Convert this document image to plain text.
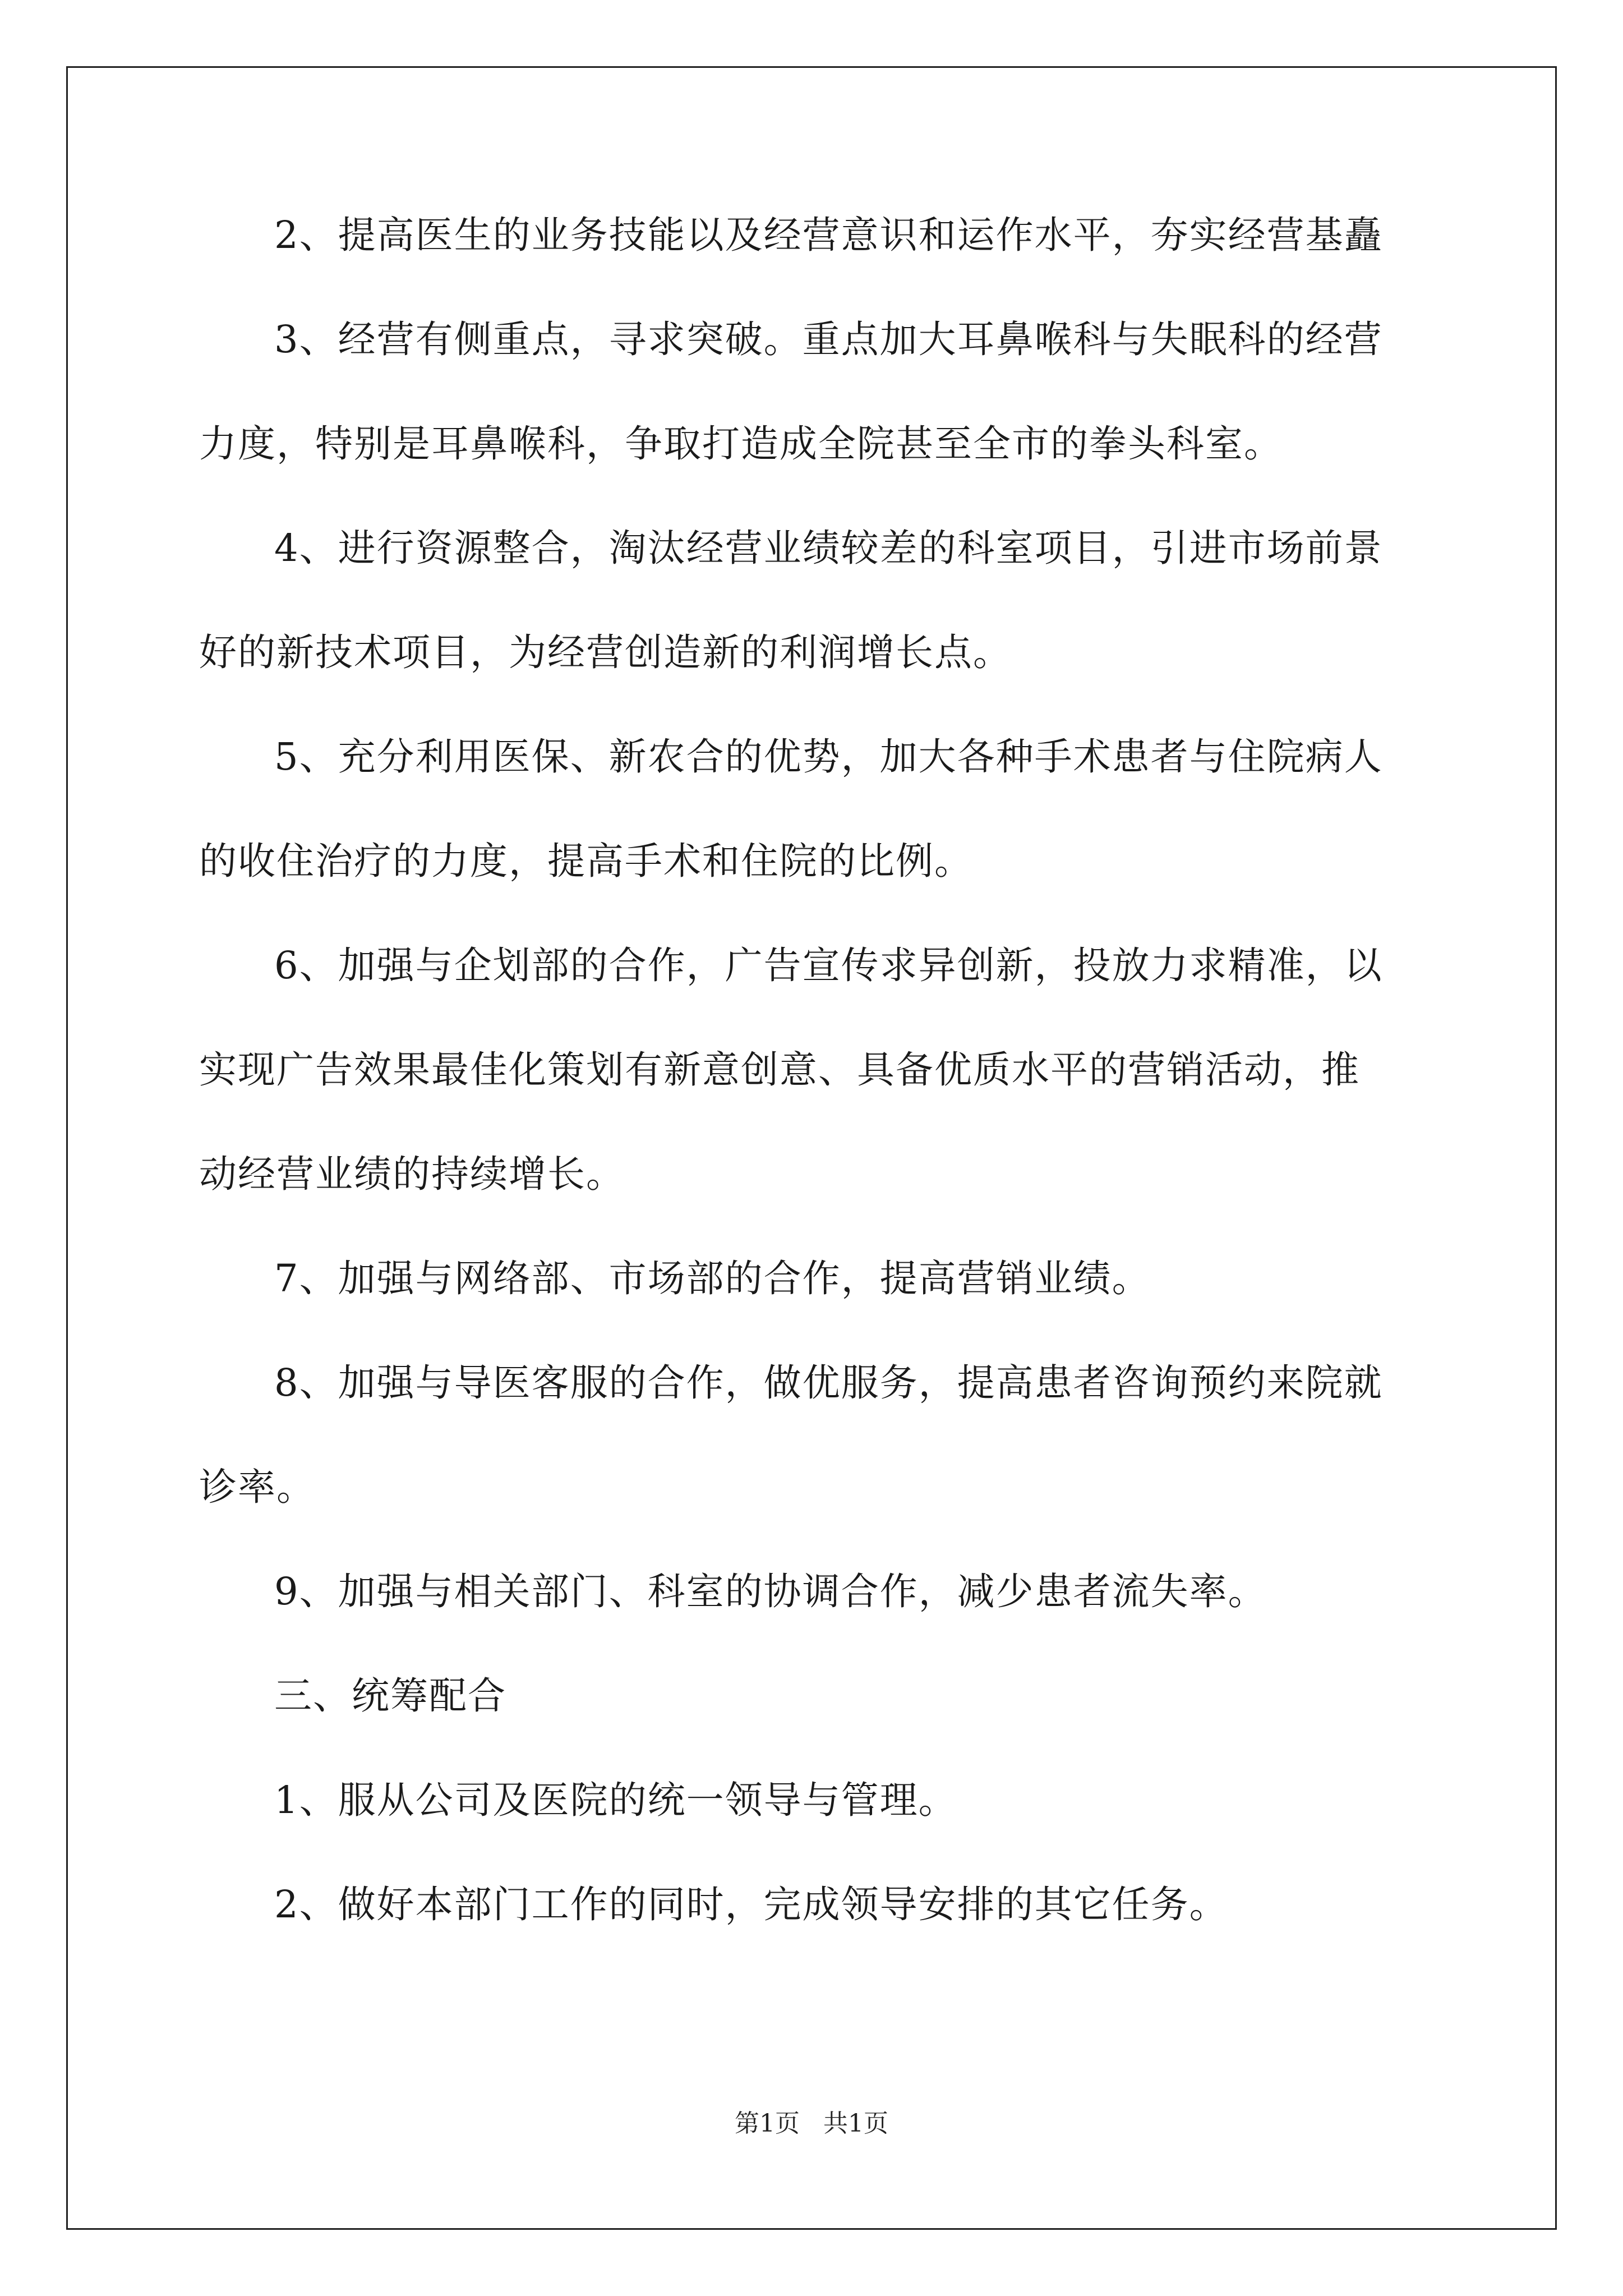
2、提高医生的业务技能以及经营意识和运作水平，夯实经营基矗
3、经营有侧重点，寻求突破。重点加大耳鼻喉科与失眠科的经营
力度，特别是耳鼻喉科，争取打造成全院甚至全市的拳头科室。
4、进行资源整合，淘汰经营业绩较差的科室项目，引进市场前景
好的新技术项目，为经营创造新的利润增长点。
5、充分利用医保、新农合的优势，加大各种手术患者与住院病人
的收住治疗的力度，提高手术和住院的比例。
6、加强与企划部的合作，广告宣传求异创新，投放力求精准，以
实现广告效果最佳化策划有新意创意、具备优质水平的营销活动，推
动经营业绩的持续增长。
7、加强与网络部、市场部的合作，提高营销业绩。
8、加强与导医客服的合作，做优服务，提高患者咨询预约来院就
诊率。
9、加强与相关部门、科室的协调合作，减少患者流失率。
三、统筹配合
1、服从公司及医院的统一领导与管理。
2、做好本部门工作的同时，完成领导安排的其它任务。
第1页   共1页
